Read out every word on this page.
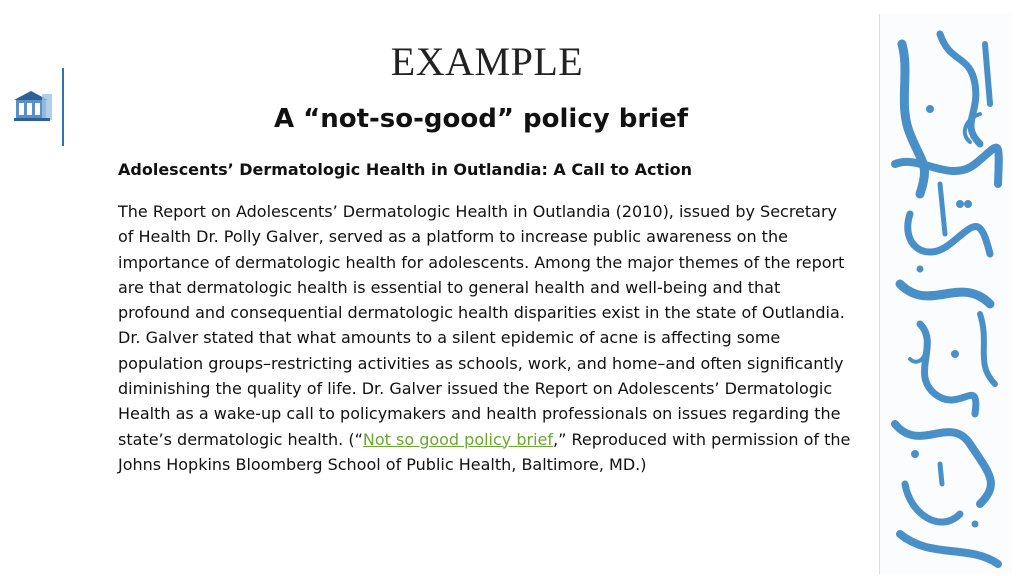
EXAMPLE
A “not-so-good” policy brief
Adolescents’ Dermatologic Health in Outlandia: A Call to Action

The Report on Adolescents’ Dermatologic Health in Outlandia (2010), issued by Secretary of Health Dr. Polly Galver, served as a platform to increase public awareness on the importance of dermatologic health for adolescents. Among the major themes of the report are that dermatologic health is essential to general health and well-being and that profound and consequential dermatologic health disparities exist in the state of Outlandia. Dr. Galver stated that what amounts to a silent epidemic of acne is affecting some population groups–restricting activities as schools, work, and home–and often significantly diminishing the quality of life. Dr. Galver issued the Report on Adolescents’ Dermatologic Health as a wake-up call to policymakers and health professionals on issues regarding the state’s dermatologic health. (“Not so good policy brief,” Reproduced with permission of the Johns Hopkins Bloomberg School of Public Health, Baltimore, MD.)
